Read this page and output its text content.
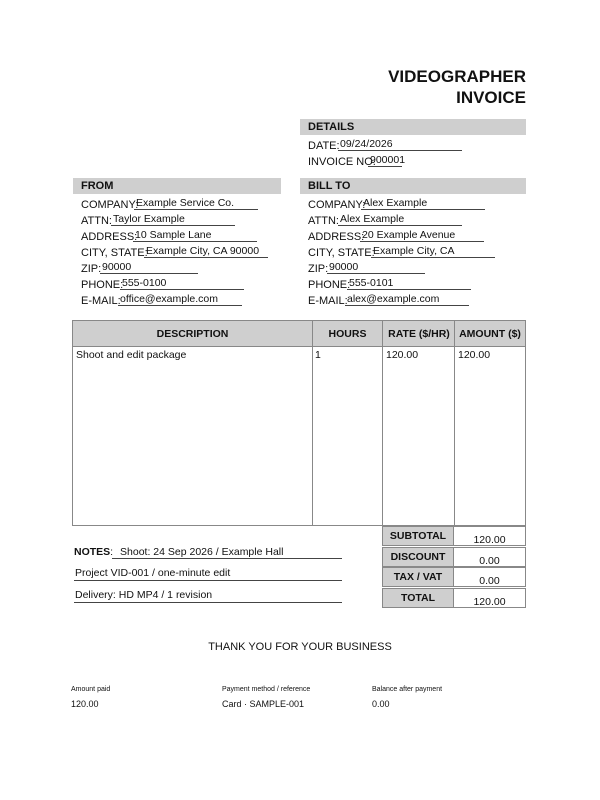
VIDEOGRAPHER
INVOICE
DETAILS
DATE: 09/24/2026
INVOICE NO.
900001
FROM
COMPANY:
Example Service Co.
ATTN: Taylor Example
ADDRESS:
10 Sample Lane
CITY, STATE:
Example City, CA 90000
ZIP: 90000
PHONE:
555-0100
E-MAIL: office@example.com
BILL TO
COMPANY:
Alex Example
ATTN: Alex Example
ADDRESS:
20 Example Avenue
CITY, STATE:
Example City, CA
ZIP: 90000
PHONE:
555-0101
E-MAIL: alex@example.com
DESCRIPTION	HOURS	RATE ($/HR) AMOUNT ($)
Shoot and edit package	1	120.00	120.00
SUBTOTAL	120.00
DISCOUNT	0.00
TAX / VAT	0.00
TOTAL	120.00
NOTES: Shoot: 24 Sep 2026 / Example Hall
Project VID-001 / one-minute edit
Delivery: HD MP4 / 1 revision
THANK YOU FOR YOUR BUSINESS
Amount paid
120.00
Payment method / reference
Card · SAMPLE-001
Balance after payment
0.00
